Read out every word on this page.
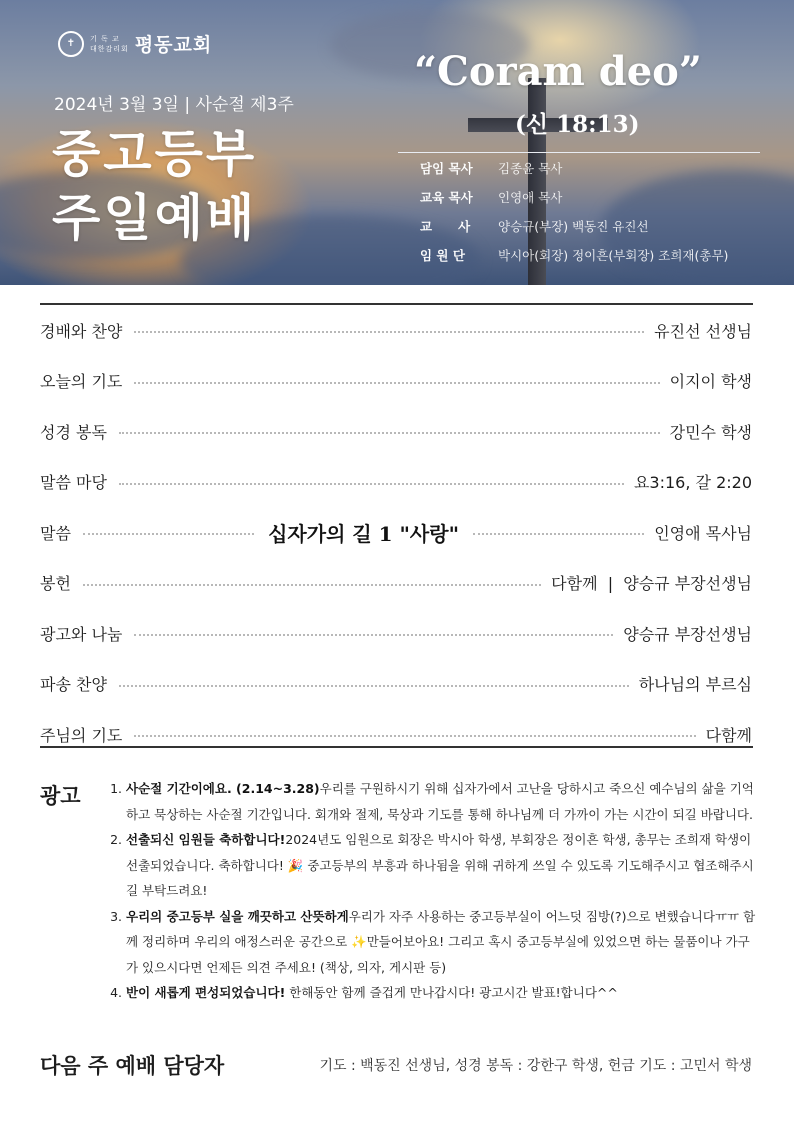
✝	기 독 교
대한감리회 평동교회
2024년 3월 3일 | 사순절 제3주
중고등부
주일예배
“Coram deo”
(신 18:13)
담임 목사	김종윤 목사
교육 목사	인영애 목사
교      사	양승규(부장) 백동진 유진선
임 원 단	박시아(회장) 정이흔(부회장) 조희재(총무)
경배와 찬양	유진선 선생님
오늘의 기도	이지이 학생
성경 봉독	강민수 학생
말씀 마당	요3:16, 갈 2:20
말씀	십자가의 길 1 "사랑"	인영애 목사님
봉헌	다함께  |  양승규 부장선생님
광고와 나눔	양승규 부장선생님
파송 찬양	하나님의 부르심
주님의 기도	다함께
광고
1.	사순절 기간이에요. (2.14~3.28)우리를 구원하시기 위해 십자가에서 고난을 당하시고 죽으신 예수님의 삶을 기억하고 묵상하는 사순절 기간입니다. 회개와 절제, 묵상과 기도를 통해 하나님께 더 가까이 가는 시간이 되길 바랍니다.
2. 선출되신 임원들 축하합니다!2024년도 임원으로 회장은 박시아 학생, 부회장은 정이흔 학생, 총무는 조희재 학생이 선출되었습니다. 축하합니다! 🎉 중고등부의 부흥과 하나됨을 위해 귀하게 쓰일 수 있도록 기도해주시고 협조해주시길 부탁드려요!
3. 우리의 중고등부 실을 깨끗하고 산뜻하게우리가 자주 사용하는 중고등부실이 어느덧 짐방(?)으로 변했습니다ㅠㅠ 함께 정리하며 우리의 애정스러운 공간으로 ✨만들어보아요! 그리고 혹시 중고등부실에 있었으면 하는 물품이나 가구가 있으시다면 언제든 의견 주세요! (책상, 의자, 게시판 등)
4. 반이 새롭게 편성되었습니다! 한해동안 함께 즐겁게 만나갑시다! 광고시간 발표!합니다^^
다음 주 예배 담당자	기도 : 백동진 선생님, 성경 봉독 : 강한구 학생, 헌금 기도 : 고민서 학생
